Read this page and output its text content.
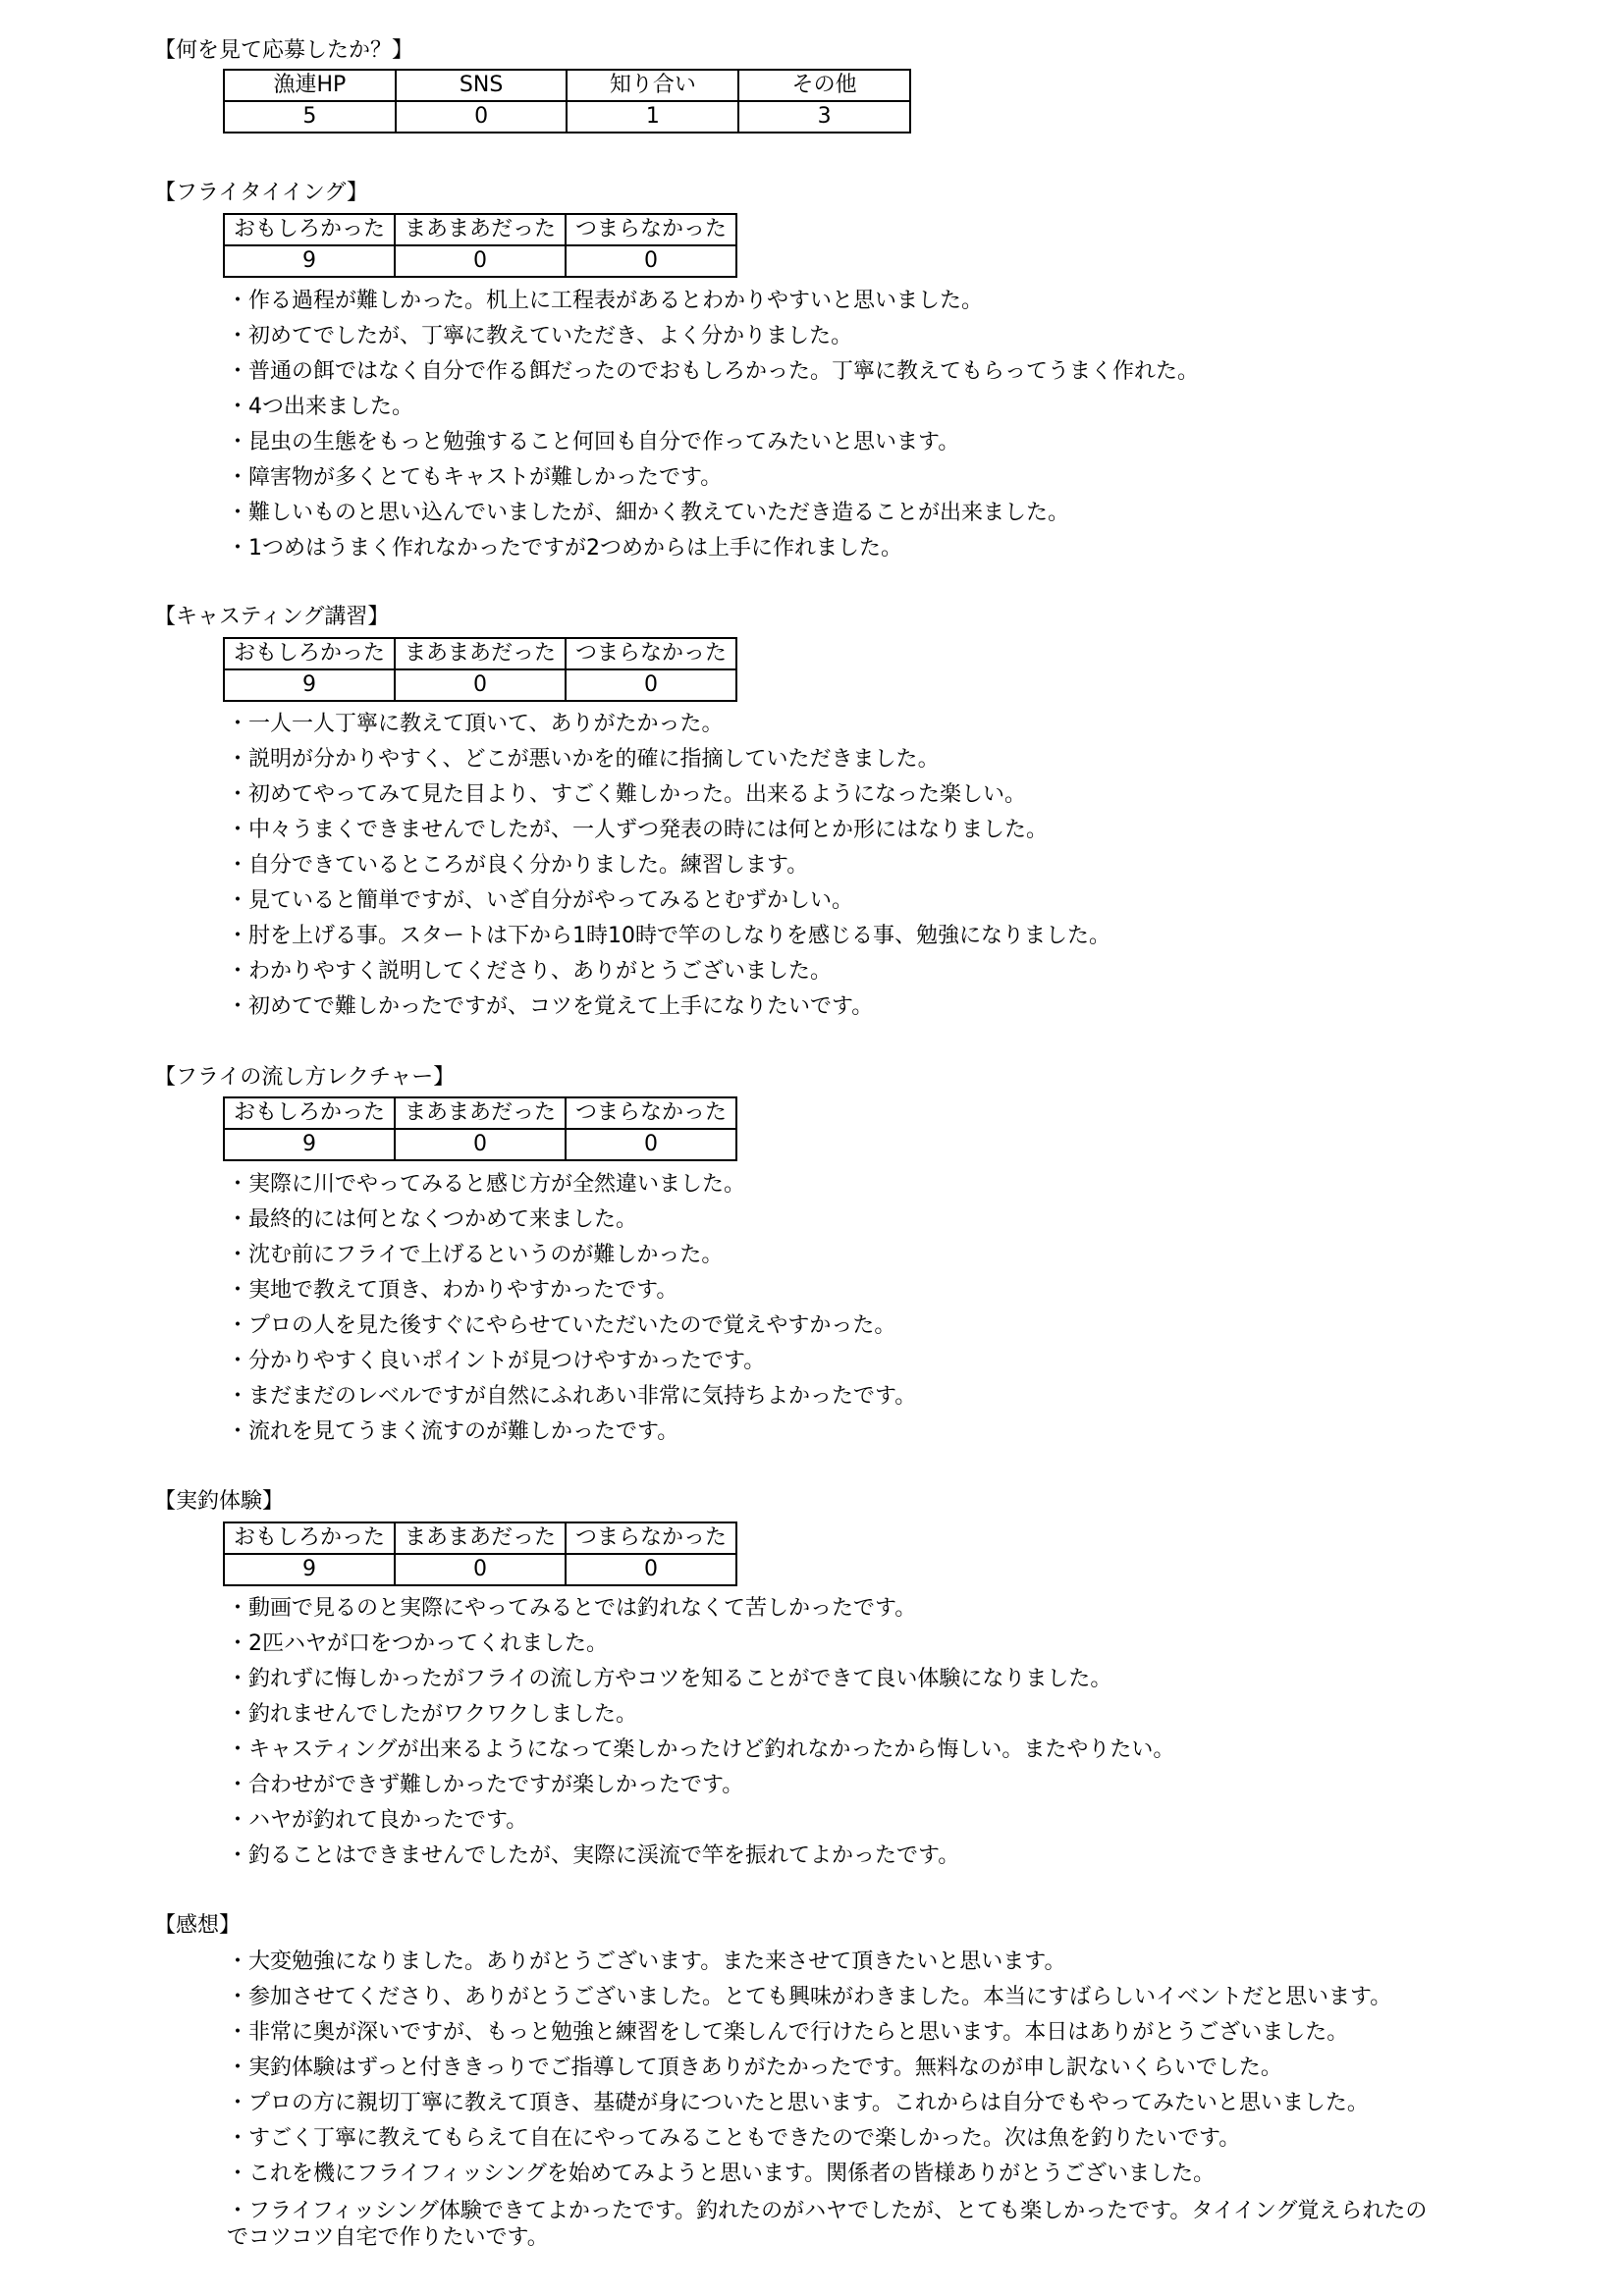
【何を見て応募したか？】
漁連HP	SNS	知り合い	その他
5	0	1	3
【フライタイイング】
おもしろかった	まあまあだった	つまらなかった
9	0	0
・作る過程が難しかった。机上に工程表があるとわかりやすいと思いました。
・初めてでしたが、丁寧に教えていただき、よく分かりました。
・普通の餌ではなく自分で作る餌だったのでおもしろかった。丁寧に教えてもらってうまく作れた。
・4つ出来ました。
・昆虫の生態をもっと勉強すること何回も自分で作ってみたいと思います。
・障害物が多くとてもキャストが難しかったです。
・難しいものと思い込んでいましたが、細かく教えていただき造ることが出来ました。
・1つめはうまく作れなかったですが2つめからは上手に作れました。
【キャスティング講習】
おもしろかった	まあまあだった	つまらなかった
9	0	0
・一人一人丁寧に教えて頂いて、ありがたかった。
・説明が分かりやすく、どこが悪いかを的確に指摘していただきました。
・初めてやってみて見た目より、すごく難しかった。出来るようになった楽しい。
・中々うまくできませんでしたが、一人ずつ発表の時には何とか形にはなりました。
・自分できているところが良く分かりました。練習します。
・見ていると簡単ですが、いざ自分がやってみるとむずかしい。
・肘を上げる事。スタートは下から1時10時で竿のしなりを感じる事、勉強になりました。
・わかりやすく説明してくださり、ありがとうございました。
・初めてで難しかったですが、コツを覚えて上手になりたいです。
【フライの流し方レクチャー】
おもしろかった	まあまあだった	つまらなかった
9	0	0
・実際に川でやってみると感じ方が全然違いました。
・最終的には何となくつかめて来ました。
・沈む前にフライで上げるというのが難しかった。
・実地で教えて頂き、わかりやすかったです。
・プロの人を見た後すぐにやらせていただいたので覚えやすかった。
・分かりやすく良いポイントが見つけやすかったです。
・まだまだのレベルですが自然にふれあい非常に気持ちよかったです。
・流れを見てうまく流すのが難しかったです。
【実釣体験】
おもしろかった	まあまあだった	つまらなかった
9	0	0
・動画で見るのと実際にやってみるとでは釣れなくて苦しかったです。
・2匹ハヤが口をつかってくれました。
・釣れずに悔しかったがフライの流し方やコツを知ることができて良い体験になりました。
・釣れませんでしたがワクワクしました。
・キャスティングが出来るようになって楽しかったけど釣れなかったから悔しい。またやりたい。
・合わせができず難しかったですが楽しかったです。
・ハヤが釣れて良かったです。
・釣ることはできませんでしたが、実際に渓流で竿を振れてよかったです。
【感想】
・大変勉強になりました。ありがとうございます。また来させて頂きたいと思います。
・参加させてくださり、ありがとうございました。とても興味がわきました。本当にすばらしいイベントだと思います。
・非常に奥が深いですが、もっと勉強と練習をして楽しんで行けたらと思います。本日はありがとうございました。
・実釣体験はずっと付ききっりでご指導して頂きありがたかったです。無料なのが申し訳ないくらいでした。
・プロの方に親切丁寧に教えて頂き、基礎が身についたと思います。これからは自分でもやってみたいと思いました。
・すごく丁寧に教えてもらえて自在にやってみることもできたので楽しかった。次は魚を釣りたいです。
・これを機にフライフィッシングを始めてみようと思います。関係者の皆様ありがとうございました。
・フライフィッシング体験できてよかったです。釣れたのがハヤでしたが、とても楽しかったです。タイイング覚えられたのでコツコツ自宅で作りたいです。
